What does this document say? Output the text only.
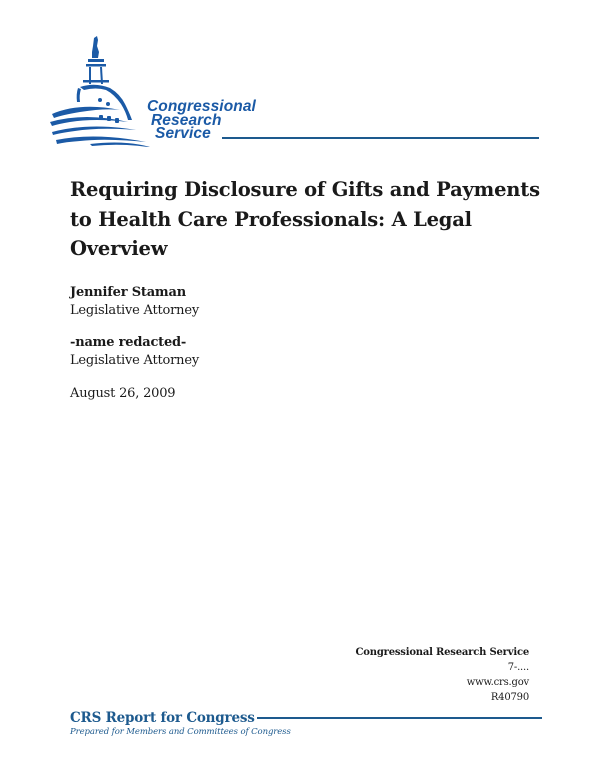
Congressional
Research
Service
Requiring Disclosure of Gifts and Payments
to Health Care Professionals: A Legal
Overview
Jennifer Staman
Legislative Attorney
-name redacted-
Legislative Attorney
August 26, 2009
Congressional Research Service
7-....
www.crs.gov
R40790
CRS Report for Congress
Prepared for Members and Committees of Congress
